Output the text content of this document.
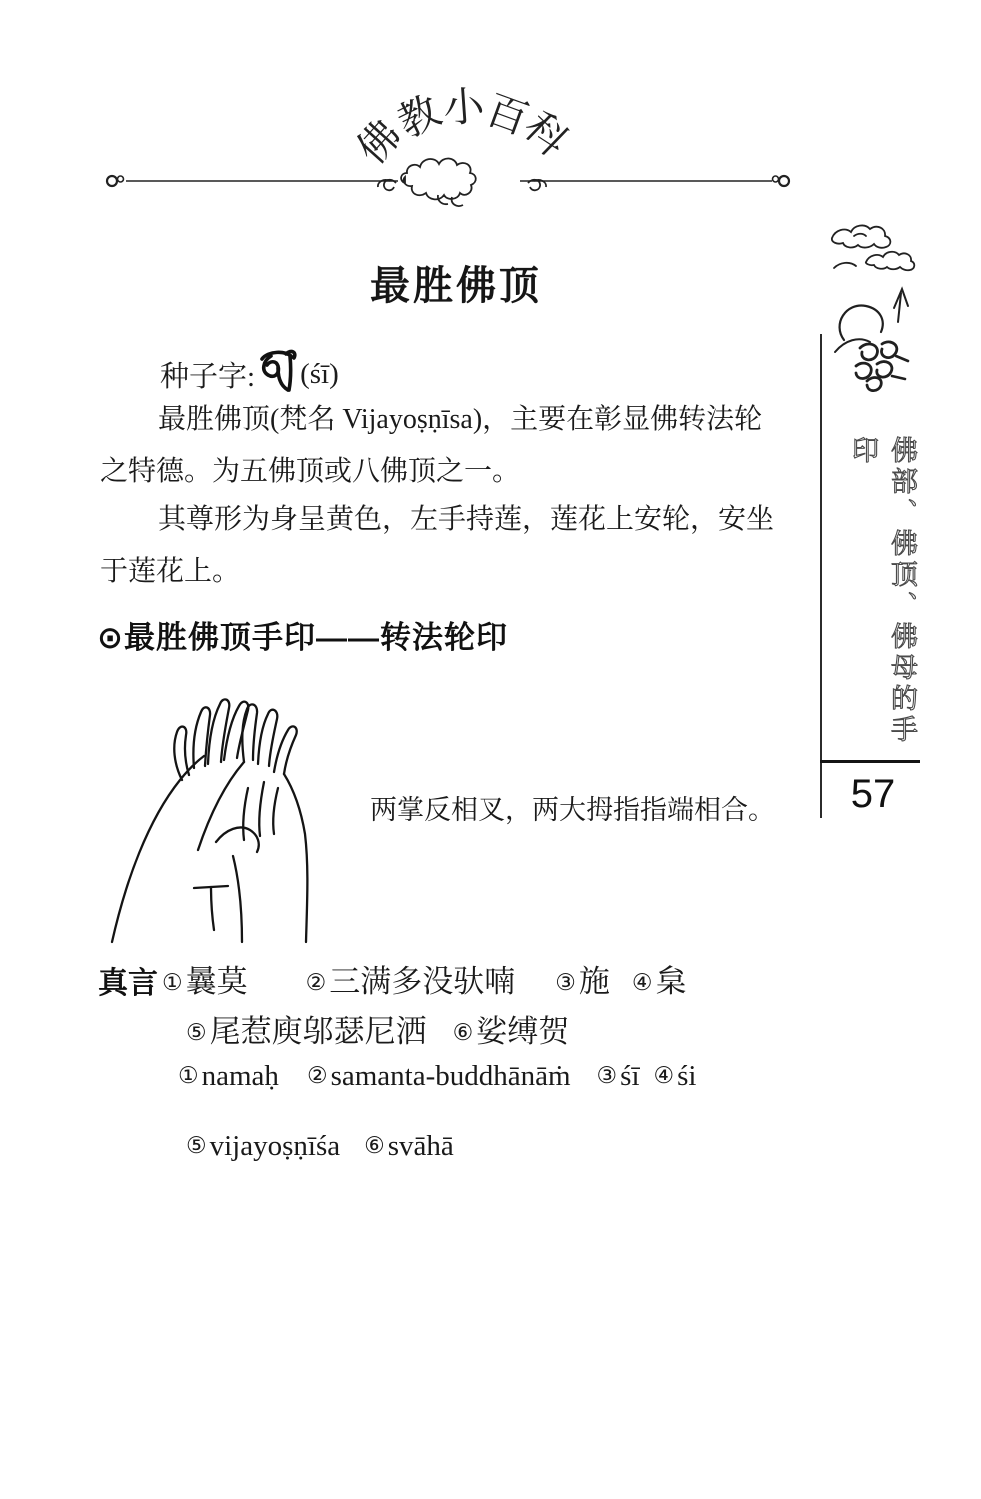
佛
教
小
百
科
最胜佛顶
种子字: (śī)
最胜佛顶(梵名 Vijayoṣṇīsa)，主要在彰显佛转法轮
之特德。为五佛顶或八佛顶之一。
其尊形为身呈黄色，左手持莲，莲花上安轮，安坐
于莲花上。
⊙最胜佛顶手印——转法轮印
两掌反相叉，两大拇指指端相合。
真言 ① 曩莫	② 三满多没驮喃 ③ 施 ④ 枲
⑤ 尾惹庾邬瑟尼洒 ⑥ 娑缚贺
① namaḥ ② samanta-buddhānāṁ ③ śī ④ śi
⑤ vijayoṣṇīśa ⑥ svāhā
佛部、佛顶、佛母的手印
57
